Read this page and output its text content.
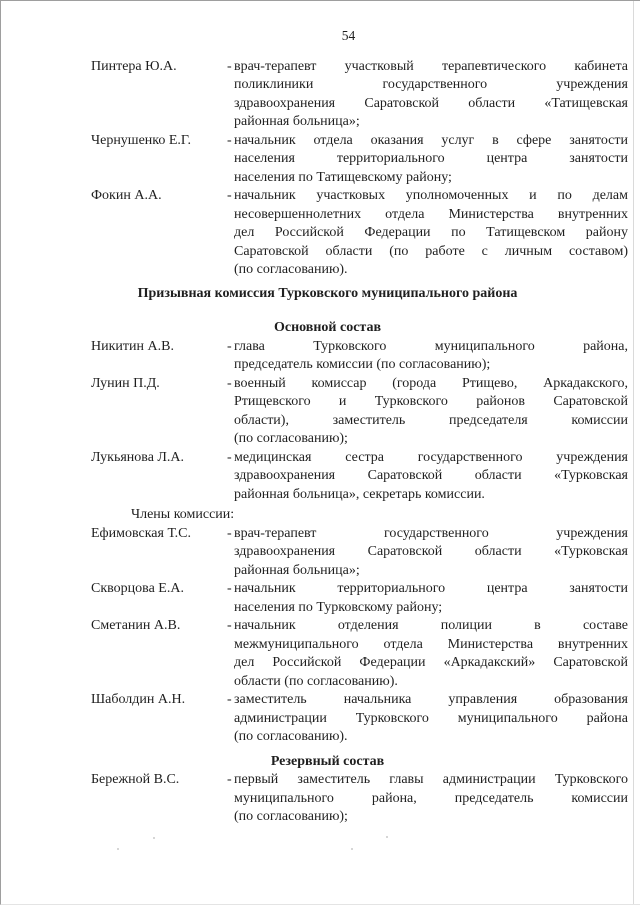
54
Пинтера Ю.А.	- врач-терапевт участковый терапевтического кабинета
поликлиники государственного учреждения
здравоохранения Саратовской области «Татищевская
районная больница»;
Чернушенко Е.Г.	- начальник отдела оказания услуг в сфере занятости
населения территориального центра занятости
населения по Татищевскому району;
Фокин А.А.	- начальник участковых уполномоченных и по делам
несовершеннолетних отдела Министерства внутренних
дел Российской Федерации по Татищевском району
Саратовской области (по работе с личным составом)
(по согласованию).
Призывная комиссия Турковского муниципального района
Основной состав
Никитин А.В.	- глава Турковского муниципального района,
председатель комиссии (по согласованию);
Лунин П.Д.	- военный комиссар (города Ртищево, Аркадакского,
Ртищевского и Турковского районов Саратовской
области), заместитель председателя комиссии
(по согласованию);
Лукьянова Л.А.	- медицинская сестра государственного учреждения
здравоохранения Саратовской области «Турковская
районная больница», секретарь комиссии.
Члены комиссии:
Ефимовская Т.С.	- врач-терапевт государственного учреждения
здравоохранения Саратовской области «Турковская
районная больница»;
Скворцова Е.А.	- начальник территориального центра занятости
населения по Турковскому району;
Сметанин А.В.	- начальник отделения полиции в составе
межмуниципального отдела Министерства внутренних
дел Российской Федерации «Аркадакский» Саратовской
области (по согласованию).
Шаболдин А.Н.	- заместитель начальника управления образования
администрации Турковского муниципального района
(по согласованию).
Резервный состав
Бережной В.С.	- первый заместитель главы администрации Турковского
муниципального района, председатель комиссии
(по согласованию);
